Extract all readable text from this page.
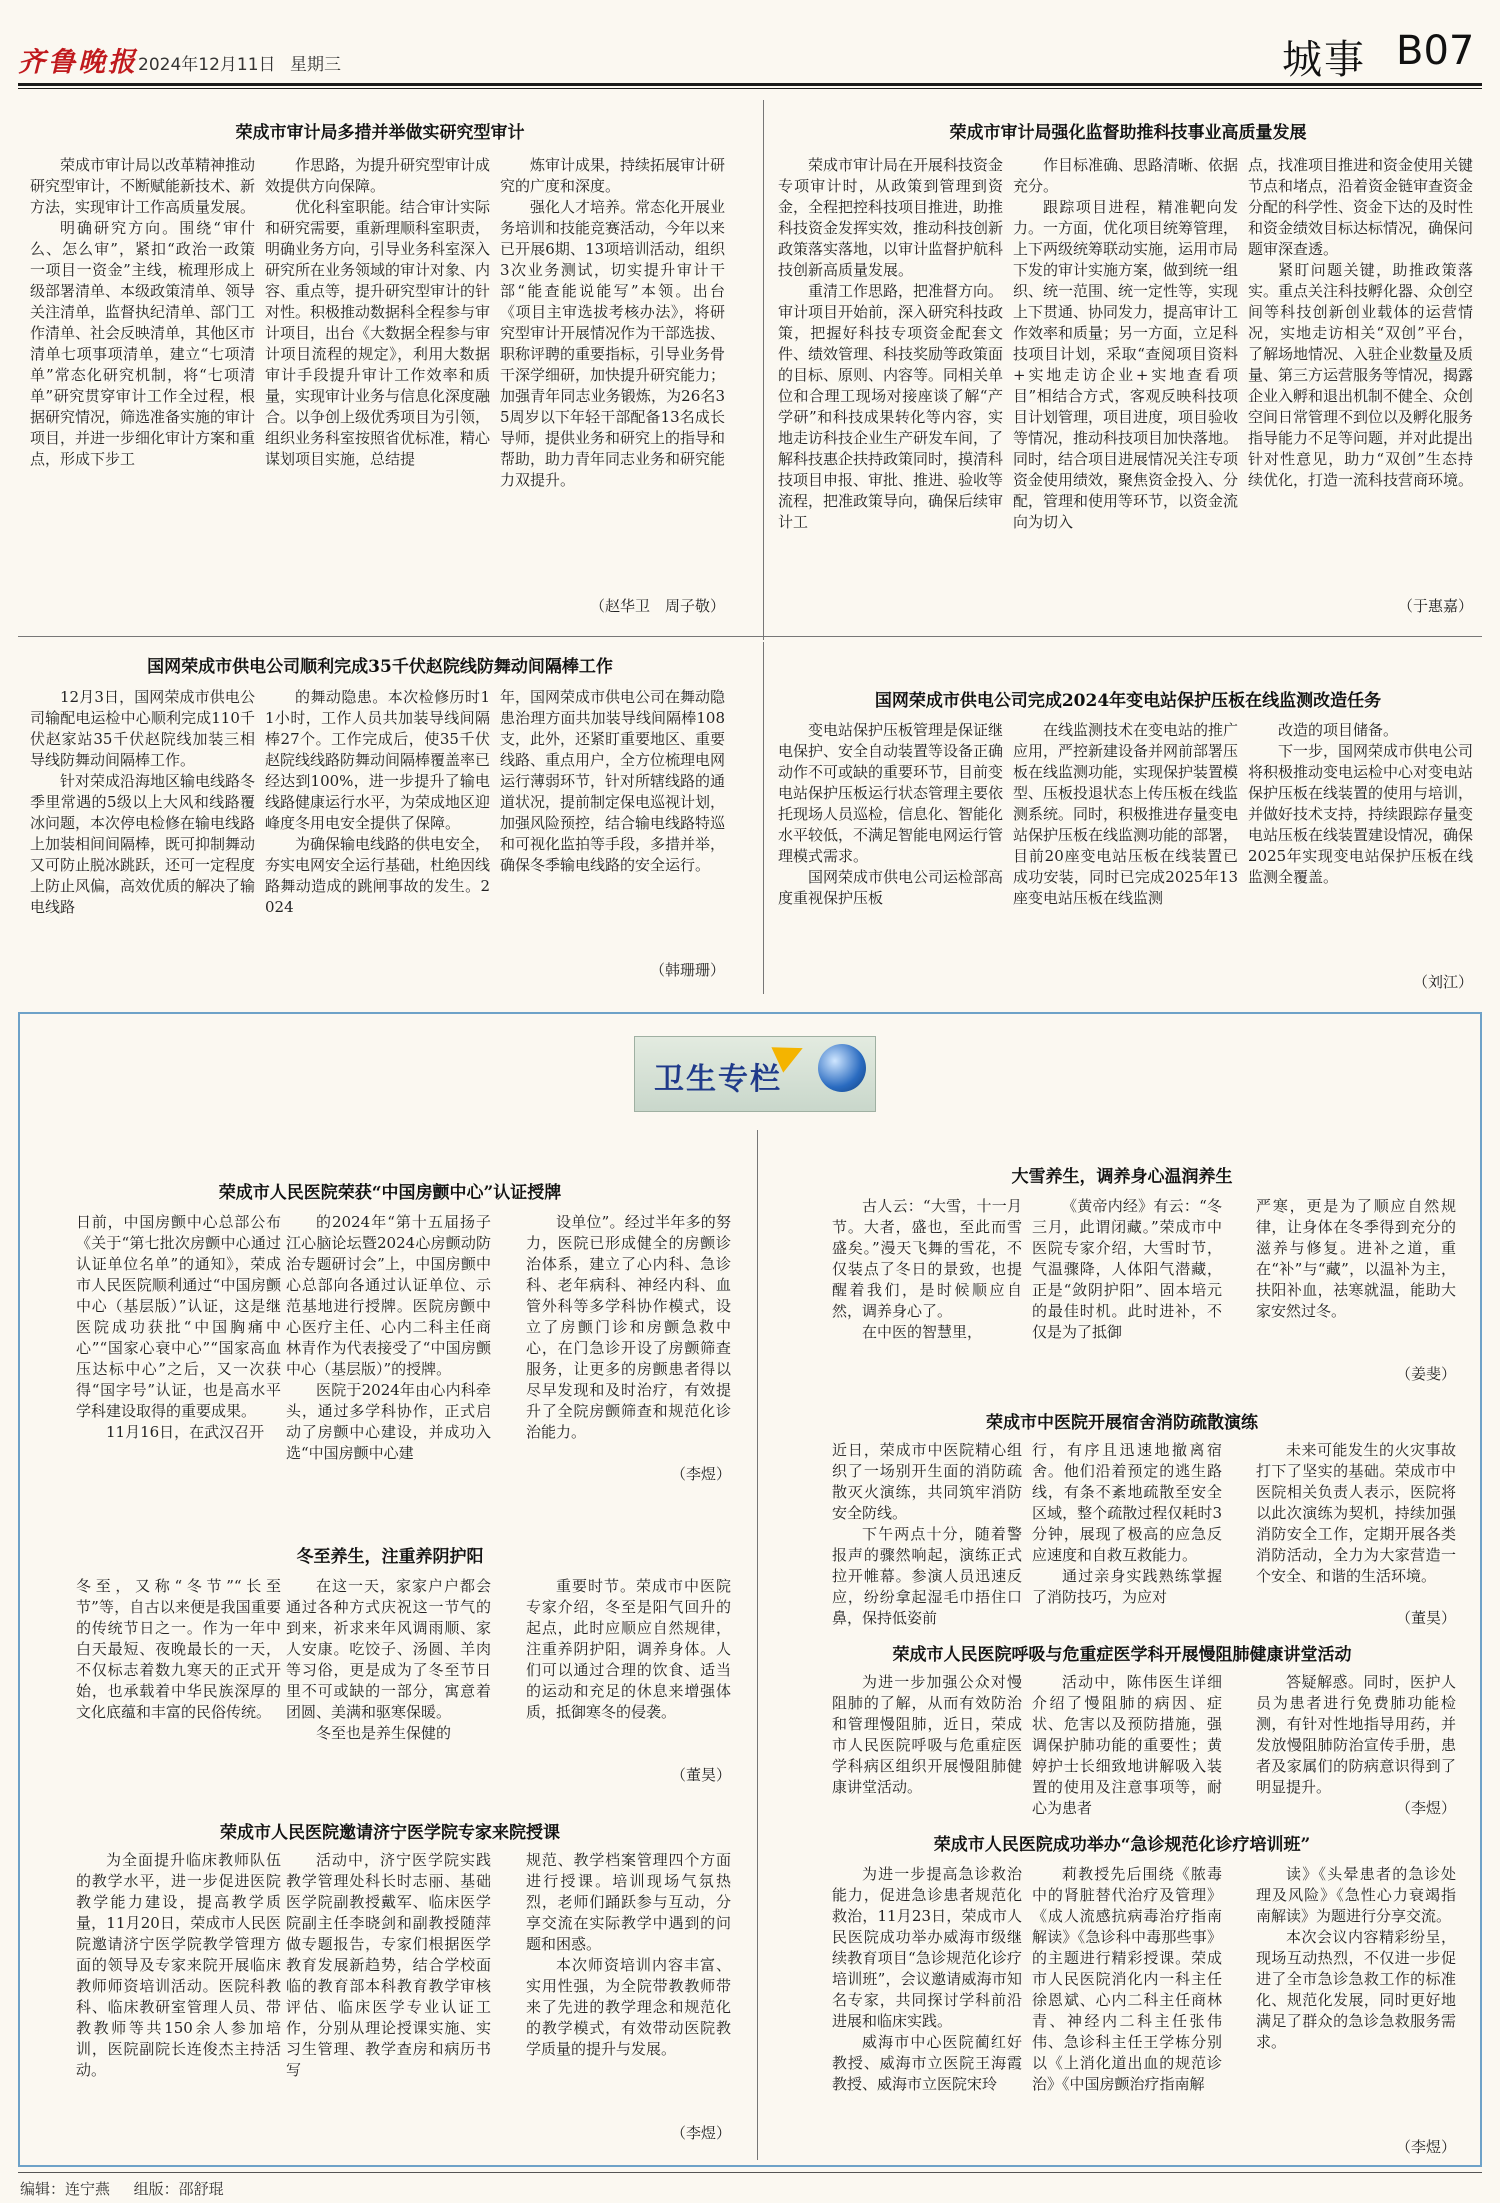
齐鲁晚报 2024年12月11日 星期三	城事 B07
荣成市审计局多措并举做实研究型审计

荣成市审计局以改革精神推动研究型审计，不断赋能新技术、新方法，实现审计工作高质量发展。

明确研究方向。围绕“审什么、怎么审”，紧扣“政治一政策一项目一资金”主线，梳理形成上级部署清单、本级政策清单、领导关注清单，监督执纪清单、部门工作清单、社会反映清单，其他区市清单七项事项清单，建立“七项清单”常态化研究机制，将“七项清单”研究贯穿审计工作全过程，根据研究情况，筛选准备实施的审计项目，并进一步细化审计方案和重点，形成下步工

作思路，为提升研究型审计成效提供方向保障。

优化科室职能。结合审计实际和研究需要，重新理顺科室职责，明确业务方向，引导业务科室深入研究所在业务领域的审计对象、内容、重点等，提升研究型审计的针对性。积极推动数据科全程参与审计项目，出台《大数据全程参与审计项目流程的规定》，利用大数据审计手段提升审计工作效率和质量，实现审计业务与信息化深度融合。以争创上级优秀项目为引领，组织业务科室按照省优标准，精心谋划项目实施，总结提

炼审计成果，持续拓展审计研究的广度和深度。

强化人才培养。常态化开展业务培训和技能竞赛活动，今年以来已开展6期、13项培训活动，组织3次业务测试，切实提升审计干部“能查能说能写”本领。出台《项目主审选拔考核办法》，将研究型审计开展情况作为干部选拔、职称评聘的重要指标，引导业务骨干深学细研，加快提升研究能力；加强青年同志业务锻炼，为26名35周岁以下年轻干部配备13名成长导师，提供业务和研究上的指导和帮助，助力青年同志业务和研究能力双提升。

（赵华卫　周子敬）
荣成市审计局强化监督助推科技事业高质量发展

荣成市审计局在开展科技资金专项审计时，从政策到管理到资金，全程把控科技项目推进，助推科技资金发挥实效，推动科技创新政策落实落地，以审计监督护航科技创新高质量发展。

重清工作思路，把准督方向。审计项目开始前，深入研究科技政策，把握好科技专项资金配套文件、绩效管理、科技奖励等政策面的目标、原则、内容等。同相关单位和合理工现场对接座谈了解“产学研”和科技成果转化等内容，实地走访科技企业生产研发车间，了解科技惠企扶持政策同时，摸清科技项目申报、审批、推进、验收等流程，把准政策导向，确保后续审计工

作目标准确、思路清晰、依据充分。

跟踪项目进程，精准靶向发力。一方面，优化项目统筹管理，上下两级统筹联动实施，运用市局下发的审计实施方案，做到统一组织、统一范围、统一定性等，实现上下贯通、协同发力，提高审计工作效率和质量；另一方面，立足科技项目计划，采取“查阅项目资料+实地走访企业+实地查看项目”相结合方式，客观反映科技项目计划管理，项目进度，项目验收等情况，推动科技项目加快落地。同时，结合项目进展情况关注专项资金使用绩效，聚焦资金投入、分配，管理和使用等环节，以资金流向为切入

点，找准项目推进和资金使用关键节点和堵点，沿着资金链审查资金分配的科学性、资金下达的及时性和资金绩效目标达标情况，确保问题审深查透。

紧盯问题关键，助推政策落实。重点关注科技孵化器、众创空间等科技创新创业载体的运营情况，实地走访相关“双创”平台，了解场地情况、入驻企业数量及质量、第三方运营服务等情况，揭露企业入孵和退出机制不健全、众创空间日常管理不到位以及孵化服务指导能力不足等问题，并对此提出针对性意见，助力“双创”生态持续优化，打造一流科技营商环境。

（于惠嘉）
国网荣成市供电公司顺利完成35千伏赵院线防舞动间隔棒工作

12月3日，国网荣成市供电公司输配电运检中心顺利完成110千伏赵家站35千伏赵院线加装三相导线防舞动间隔棒工作。

针对荣成沿海地区输电线路冬季里常遇的5级以上大风和线路覆冰问题，本次停电检修在输电线路上加装相间间隔棒，既可抑制舞动又可防止脱冰跳跃，还可一定程度上防止风偏，高效优质的解决了输电线路

的舞动隐患。本次检修历时11小时，工作人员共加装导线间隔棒27个。工作完成后，使35千伏赵院线线路防舞动间隔棒覆盖率已经达到100%，进一步提升了输电线路健康运行水平，为荣成地区迎峰度冬用电安全提供了保障。

为确保输电线路的供电安全，夯实电网安全运行基础，杜绝因线路舞动造成的跳闸事故的发生。2024

年，国网荣成市供电公司在舞动隐患治理方面共加装导线间隔棒108支，此外，还紧盯重要地区、重要线路、重点用户，全方位梳理电网运行薄弱环节，针对所辖线路的通道状况，提前制定保电巡视计划，加强风险预控，结合输电线路特巡和可视化监拍等手段，多措并举，确保冬季输电线路的安全运行。

（韩珊珊）
国网荣成市供电公司完成2024年变电站保护压板在线监测改造任务

变电站保护压板管理是保证继电保护、安全自动装置等设备正确动作不可或缺的重要环节，目前变电站保护压板运行状态管理主要依托现场人员巡检，信息化、智能化水平较低，不满足智能电网运行管理模式需求。

国网荣成市供电公司运检部高度重视保护压板

在线监测技术在变电站的推广应用，严控新建设备并网前部署压板在线监测功能，实现保护装置模型、压板投退状态上传压板在线监测系统。同时，积极推进存量变电站保护压板在线监测功能的部署，目前20座变电站压板在线装置已成功安装，同时已完成2025年13座变电站压板在线监测

改造的项目储备。

下一步，国网荣成市供电公司将积极推动变电运检中心对变电站保护压板在线装置的使用与培训，并做好技术支持，持续跟踪存量变电站压板在线装置建设情况，确保2025年实现变电站保护压板在线监测全覆盖。

（刘江）
卫生专栏
荣成市人民医院荣获“中国房颤中心”认证授牌

日前，中国房颤中心总部公布《关于“第七批次房颤中心通过认证单位名单”的通知》，荣成市人民医院顺利通过“中国房颤中心（基层版）”认证，这是继医院成功获批“中国胸痛中心”“国家心衰中心”“国家高血压达标中心”之后，又一次获得“国字号”认证，也是高水平学科建设取得的重要成果。

11月16日，在武汉召开

的2024年“第十五届扬子江心脑论坛暨2024心房颤动防治专题研讨会”上，中国房颤中心总部向各通过认证单位、示范基地进行授牌。医院房颤中心医疗主任、心内二科主任商林青作为代表接受了“中国房颤中心（基层版）”的授牌。

医院于2024年由心内科牵头，通过多学科协作，正式启动了房颤中心建设，并成功入选“中国房颤中心建

设单位”。经过半年多的努力，医院已形成健全的房颤诊治体系，建立了心内科、急诊科、老年病科、神经内科、血管外科等多学科协作模式，设立了房颤门诊和房颤急救中心，在门急诊开设了房颤筛查服务，让更多的房颤患者得以尽早发现和及时治疗，有效提升了全院房颤筛查和规范化诊治能力。

（李煜）
冬至养生，注重养阴护阳

冬至，又称“冬节”“长至节”等，自古以来便是我国重要的传统节日之一。作为一年中白天最短、夜晚最长的一天，不仅标志着数九寒天的正式开始，也承载着中华民族深厚的文化底蕴和丰富的民俗传统。

在这一天，家家户户都会通过各种方式庆祝这一节气的到来，祈求来年风调雨顺、家人安康。吃饺子、汤圆、羊肉等习俗，更是成为了冬至节日里不可或缺的一部分，寓意着团圆、美满和驱寒保暖。

冬至也是养生保健的

重要时节。荣成市中医院专家介绍，冬至是阳气回升的起点，此时应顺应自然规律，注重养阴护阳，调养身体。人们可以通过合理的饮食、适当的运动和充足的休息来增强体质，抵御寒冬的侵袭。

（董昊）
荣成市人民医院邀请济宁医学院专家来院授课

为全面提升临床教师队伍的教学水平，进一步促进医院教学能力建设，提高教学质量，11月20日，荣成市人民医院邀请济宁医学院教学管理方面的领导及专家来院开展临床教师师资培训活动。医院科教科、临床教研室管理人员、带教教师等共150余人参加培训，医院副院长连俊杰主持活动。

活动中，济宁医学院实践教学管理处科长时志丽、基础医学院副教授戴军、临床医学院副主任李晓剑和副教授随萍做专题报告，专家们根据医学教育发展新趋势，结合学校面临的教育部本科教育教学审核评估、临床医学专业认证工作，分别从理论授课实施、实习生管理、教学查房和病历书写

规范、教学档案管理四个方面进行授课。培训现场气氛热烈，老师们踊跃参与互动，分享交流在实际教学中遇到的问题和困惑。

本次师资培训内容丰富、实用性强，为全院带教教师带来了先进的教学理念和规范化的教学模式，有效带动医院教学质量的提升与发展。

（李煜）
大雪养生，调养身心温润养生

古人云：“大雪，十一月节。大者，盛也，至此而雪盛矣。”漫天飞舞的雪花，不仅装点了冬日的景致，也提醒着我们，是时候顺应自然，调养身心了。

在中医的智慧里，

《黄帝内经》有云：“冬三月，此谓闭藏。”荣成市中医院专家介绍，大雪时节，气温骤降，人体阳气潜藏，正是“敛阴护阳”、固本培元的最佳时机。此时进补，不仅是为了抵御

严寒，更是为了顺应自然规律，让身体在冬季得到充分的滋养与修复。进补之道，重在“补”与“藏”，以温补为主，扶阳补血，祛寒就温，能助大家安然过冬。

（姜斐）
荣成市中医院开展宿舍消防疏散演练

近日，荣成市中医院精心组织了一场别开生面的消防疏散灭火演练，共同筑牢消防安全防线。

下午两点十分，随着警报声的骤然响起，演练正式拉开帷幕。参演人员迅速反应，纷纷拿起湿毛巾捂住口鼻，保持低姿前

行，有序且迅速地撤离宿舍。他们沿着预定的逃生路线，有条不紊地疏散至安全区域，整个疏散过程仅耗时3分钟，展现了极高的应急反应速度和自救互救能力。

通过亲身实践熟练掌握了消防技巧，为应对

未来可能发生的火灾事故打下了坚实的基础。荣成市中医院相关负责人表示，医院将以此次演练为契机，持续加强消防安全工作，定期开展各类消防活动，全力为大家营造一个安全、和谐的生活环境。

（董昊）
荣成市人民医院呼吸与危重症医学科开展慢阻肺健康讲堂活动

为进一步加强公众对慢阻肺的了解，从而有效防治和管理慢阻肺，近日，荣成市人民医院呼吸与危重症医学科病区组织开展慢阻肺健康讲堂活动。

活动中，陈伟医生详细介绍了慢阻肺的病因、症状、危害以及预防措施，强调保护肺功能的重要性；黄婷护士长细致地讲解吸入装置的使用及注意事项等，耐心为患者

答疑解惑。同时，医护人员为患者进行免费肺功能检测，有针对性地指导用药，并发放慢阻肺防治宣传手册，患者及家属们的防病意识得到了明显提升。

（李煜）
荣成市人民医院成功举办“急诊规范化诊疗培训班”

为进一步提高急诊救治能力，促进急诊患者规范化救治，11月23日，荣成市人民医院成功举办威海市级继续教育项目“急诊规范化诊疗培训班”，会议邀请威海市知名专家，共同探讨学科前沿进展和临床实践。

威海市中心医院蔺红好教授、威海市立医院王海霞教授、威海市立医院宋玲

莉教授先后围绕《脓毒中的肾脏替代治疗及管理》《成人流感抗病毒治疗指南解读》《急诊科中毒那些事》的主题进行精彩授课。荣成市人民医院消化内一科主任徐恩斌、心内二科主任商林青、神经内二科主任张伟伟、急诊科主任王学栋分别以《上消化道出血的规范诊治》《中国房颤治疗指南解

读》《头晕患者的急诊处理及风险》《急性心力衰竭指南解读》为题进行分享交流。

本次会议内容精彩纷呈，现场互动热烈，不仅进一步促进了全市急诊急救工作的标准化、规范化发展，同时更好地满足了群众的急诊急救服务需求。

（李煜）
编辑：连宁燕 组版：邵舒琨
